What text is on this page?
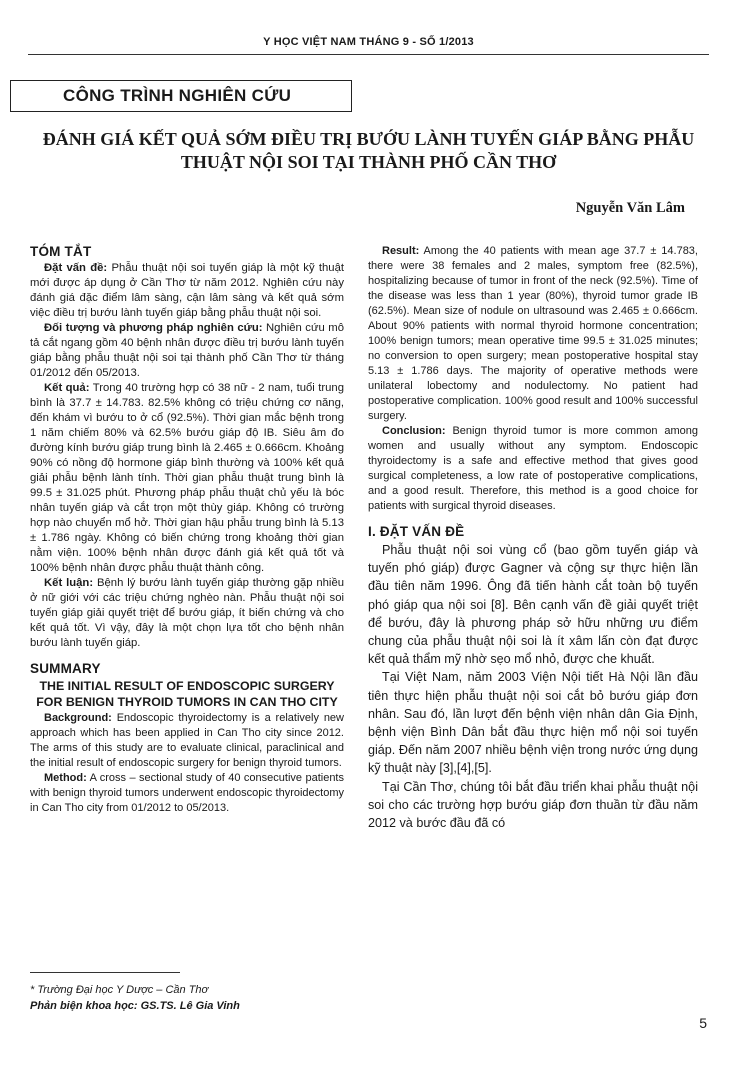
Y HỌC VIỆT NAM THÁNG 9 - SỐ 1/2013
CÔNG TRÌNH NGHIÊN CỨU
ĐÁNH GIÁ KẾT QUẢ SỚM ĐIỀU TRỊ BƯỚU LÀNH TUYẾN GIÁP BẰNG PHẪU THUẬT NỘI SOI TẠI THÀNH PHỐ CẦN THƠ
Nguyễn Văn Lâm
TÓM TẮT

Đặt vấn đề: Phẫu thuật nội soi tuyến giáp là một kỹ thuật mới được áp dụng ở Cần Thơ từ năm 2012. Nghiên cứu này đánh giá đặc điểm lâm sàng, cận lâm sàng và kết quả sớm việc điều trị bướu lành tuyến giáp bằng phẫu thuật nội soi.

Đối tượng và phương pháp nghiên cứu: Nghiên cứu mô tả cắt ngang gồm 40 bệnh nhân được điều trị bướu lành tuyến giáp bằng phẫu thuật nội soi tại thành phố Cần Thơ từ tháng 01/2012 đến 05/2013.

Kết quả: Trong 40 trường hợp có 38 nữ - 2 nam, tuổi trung bình là 37.7 ± 14.783. 82.5% không có triệu chứng cơ năng, đến khám vì bướu to ở cổ (92.5%). Thời gian mắc bệnh trong 1 năm chiếm 80% và 62.5% bướu giáp độ IB. Siêu âm đo đường kính bướu giáp trung bình là 2.465 ± 0.666cm. Khoảng 90% có nồng độ hormone giáp bình thường và 100% kết quả giải phẫu bệnh lành tính. Thời gian phẫu thuật trung bình là 99.5 ± 31.025 phút. Phương pháp phẫu thuật chủ yếu là bóc nhân tuyến giáp và cắt trọn một thùy giáp. Không có trường hợp nào chuyển mổ hở. Thời gian hậu phẫu trung bình là 5.13 ± 1.786 ngày. Không có biến chứng trong khoảng thời gian nằm viện. 100% bệnh nhân được đánh giá kết quả tốt và 100% bệnh nhân được phẫu thuật thành công.

Kết luận: Bệnh lý bướu lành tuyến giáp thường gặp nhiều ở nữ giới với các triệu chứng nghèo nàn. Phẫu thuật nội soi tuyến giáp giải quyết triệt để bướu giáp, ít biến chứng và cho kết quả tốt. Vì vậy, đây là một chọn lựa tốt cho bệnh nhân bướu lành tuyến giáp.

SUMMARY
THE INITIAL RESULT OF ENDOSCOPIC SURGERY FOR BENIGN THYROID TUMORS IN CAN THO CITY

Background: Endoscopic thyroidectomy is a relatively new approach which has been applied in Can Tho city since 2012. The arms of this study are to evaluate clinical, paraclinical and the initial result of endoscopic surgery for benign thyroid tumors.

Method: A cross – sectional study of 40 consecutive patients with benign thyroid tumors underwent endoscopic thyroidectomy in Can Tho city from 01/2012 to 05/2013.

Result: Among the 40 patients with mean age 37.7 ± 14.783, there were 38 females and 2 males, symptom free (82.5%), hospitalizing because of tumor in front of the neck (92.5%). Time of the disease was less than 1 year (80%), thyroid tumor grade IB (62.5%). Mean size of nodule on ultrasound was 2.465 ± 0.666cm. About 90% patients with normal thyroid hormone concentration; 100% benign tumors; mean operative time 99.5 ± 31.025 minutes; no conversion to open surgery; mean postoperative hospital stay 5.13 ± 1.786 days. The majority of operative methods were unilateral lobectomy and nodulectomy. No patient had postoperative complication. 100% good result and 100% successful surgery.

Conclusion: Benign thyroid tumor is more common among women and usually without any symptom. Endoscopic thyroidectomy is a safe and effective method that gives good surgical completeness, a low rate of postoperative complications, and a good result. Therefore, this method is a good choice for patients with surgical thyroid diseases.

I. ĐẶT VẤN ĐỀ

Phẫu thuật nội soi vùng cổ (bao gồm tuyến giáp và tuyến phó giáp) được Gagner và cộng sự thực hiện lần đầu tiên năm 1996. Ông đã tiến hành cắt toàn bộ tuyến phó giáp qua nội soi [8]. Bên cạnh vấn đề giải quyết triệt để bướu, đây là phương pháp sở hữu những ưu điểm chung của phẫu thuật nội soi là ít xâm lấn còn đạt được kết quả thẩm mỹ nhờ sẹo mổ nhỏ, được che khuất.

Tại Việt Nam, năm 2003 Viện Nội tiết Hà Nội lần đầu tiên thực hiện phẫu thuật nội soi cắt bỏ bướu giáp đơn nhân. Sau đó, lần lượt đến bệnh viện nhân dân Gia Định, bệnh viện Bình Dân bắt đầu thực hiện mổ nội soi tuyến giáp. Đến năm 2007 nhiều bệnh viện trong nước ứng dụng kỹ thuật này [3],[4],[5].

Tại Cần Thơ, chúng tôi bắt đầu triển khai phẫu thuật nội soi cho các trường hợp bướu giáp đơn thuần từ đầu năm 2012 và bước đầu đã có

* Trường Đại học Y Dược – Cần Thơ
Phản biện khoa học: GS.TS. Lê Gia Vinh
5
